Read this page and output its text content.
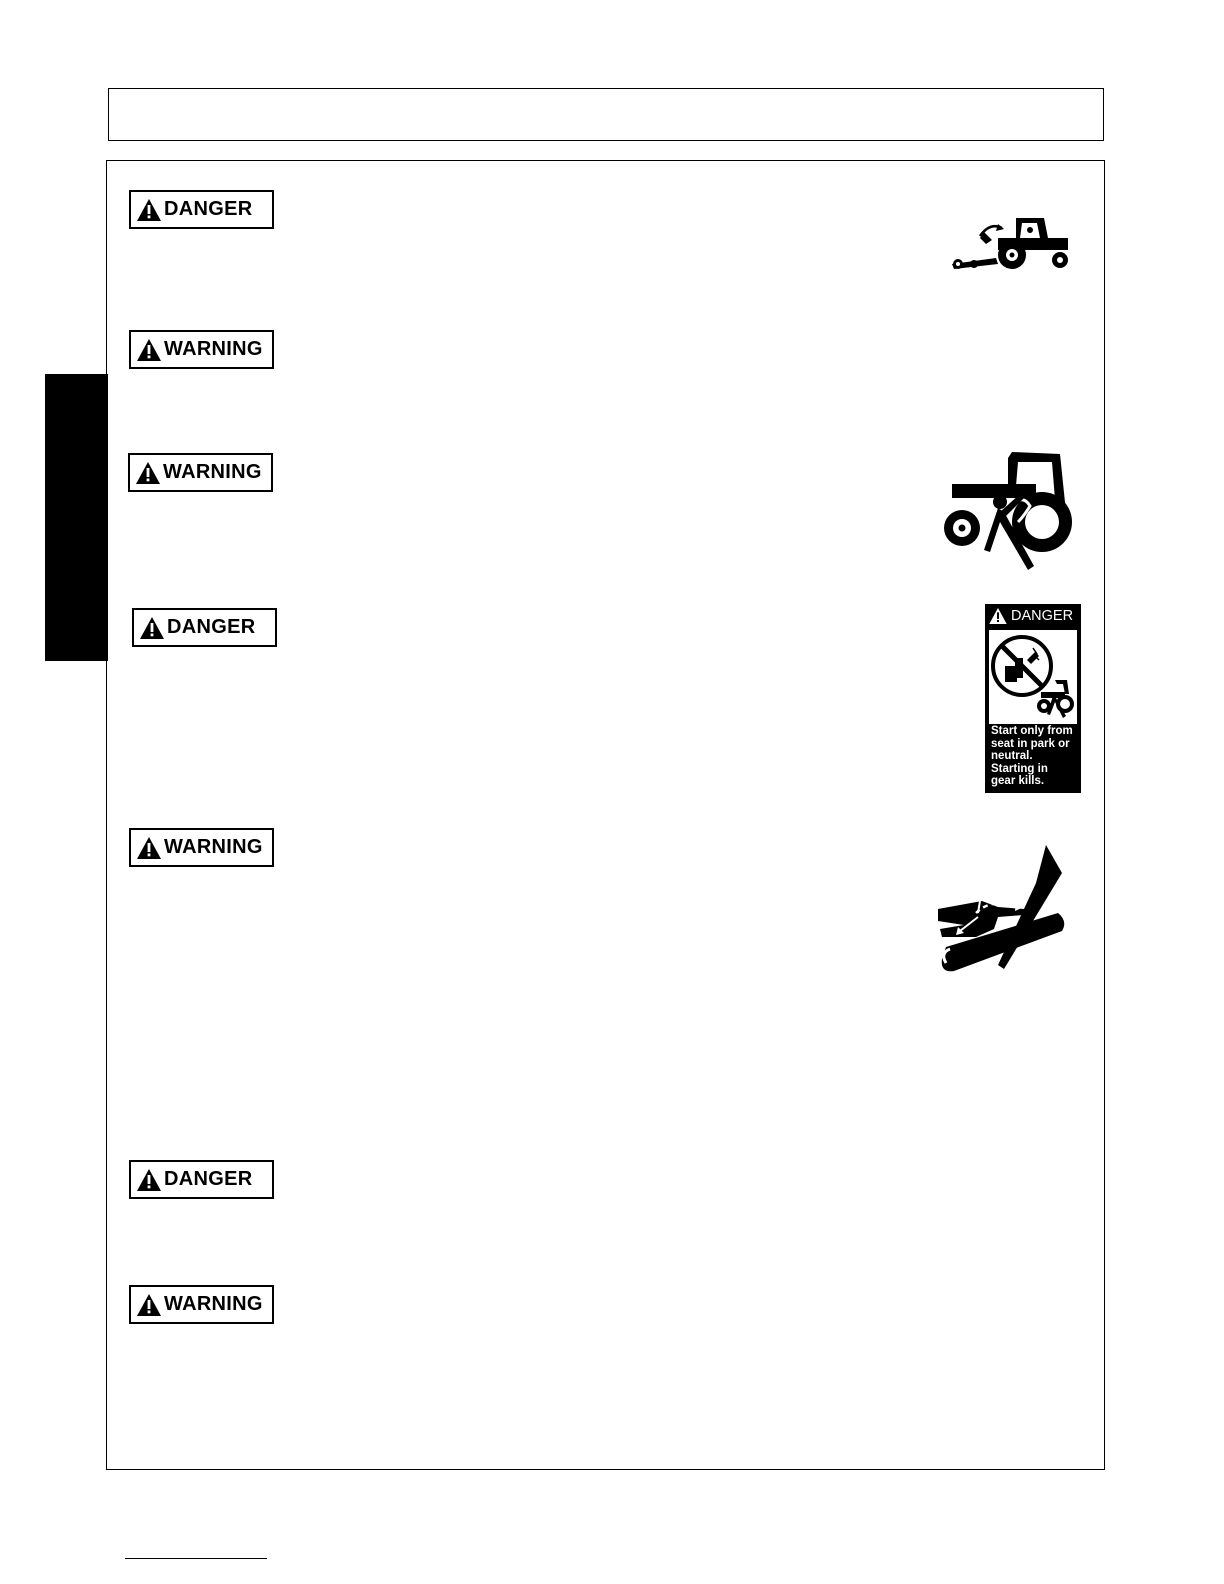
DANGER
WARNING
WARNING
DANGER
WARNING
DANGER
WARNING
DANGER
Start only from
seat in park or
neutral.
Starting in
gear kills.
